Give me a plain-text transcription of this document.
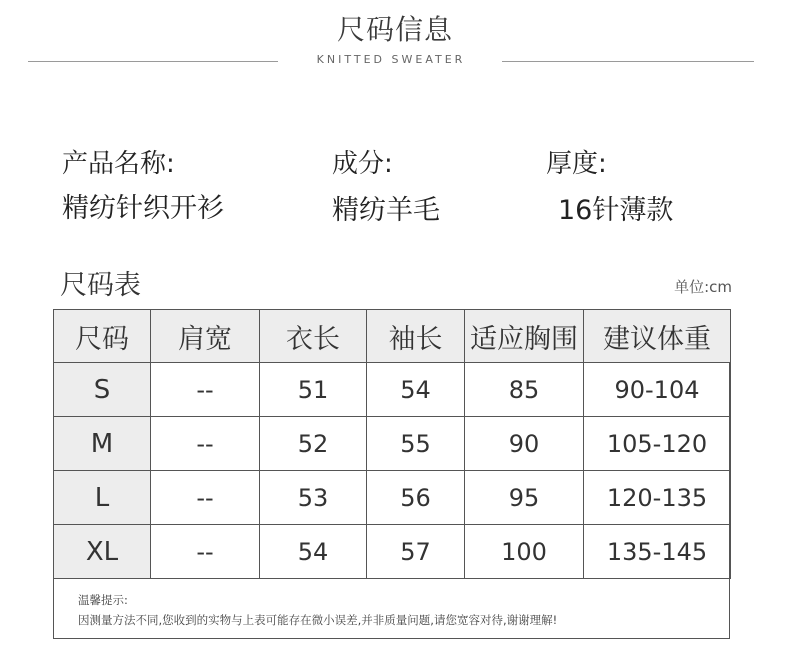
尺码信息
KNITTED SWEATER
产品名称:
精纺针织开衫
成分:
精纺羊毛
厚度:
16针薄款
尺码表	单位:cm
尺码	肩宽	衣长	袖长	适应胸围	建议体重
S	--	51	54	85	90-104
M	--	52	55	90	105-120
L	--	53	56	95	120-135
XL	--	54	57	100	135-145
温馨提示:
因测量方法不同,您收到的实物与上表可能存在微小误差,并非质量问题,请您宽容对待,谢谢理解!
